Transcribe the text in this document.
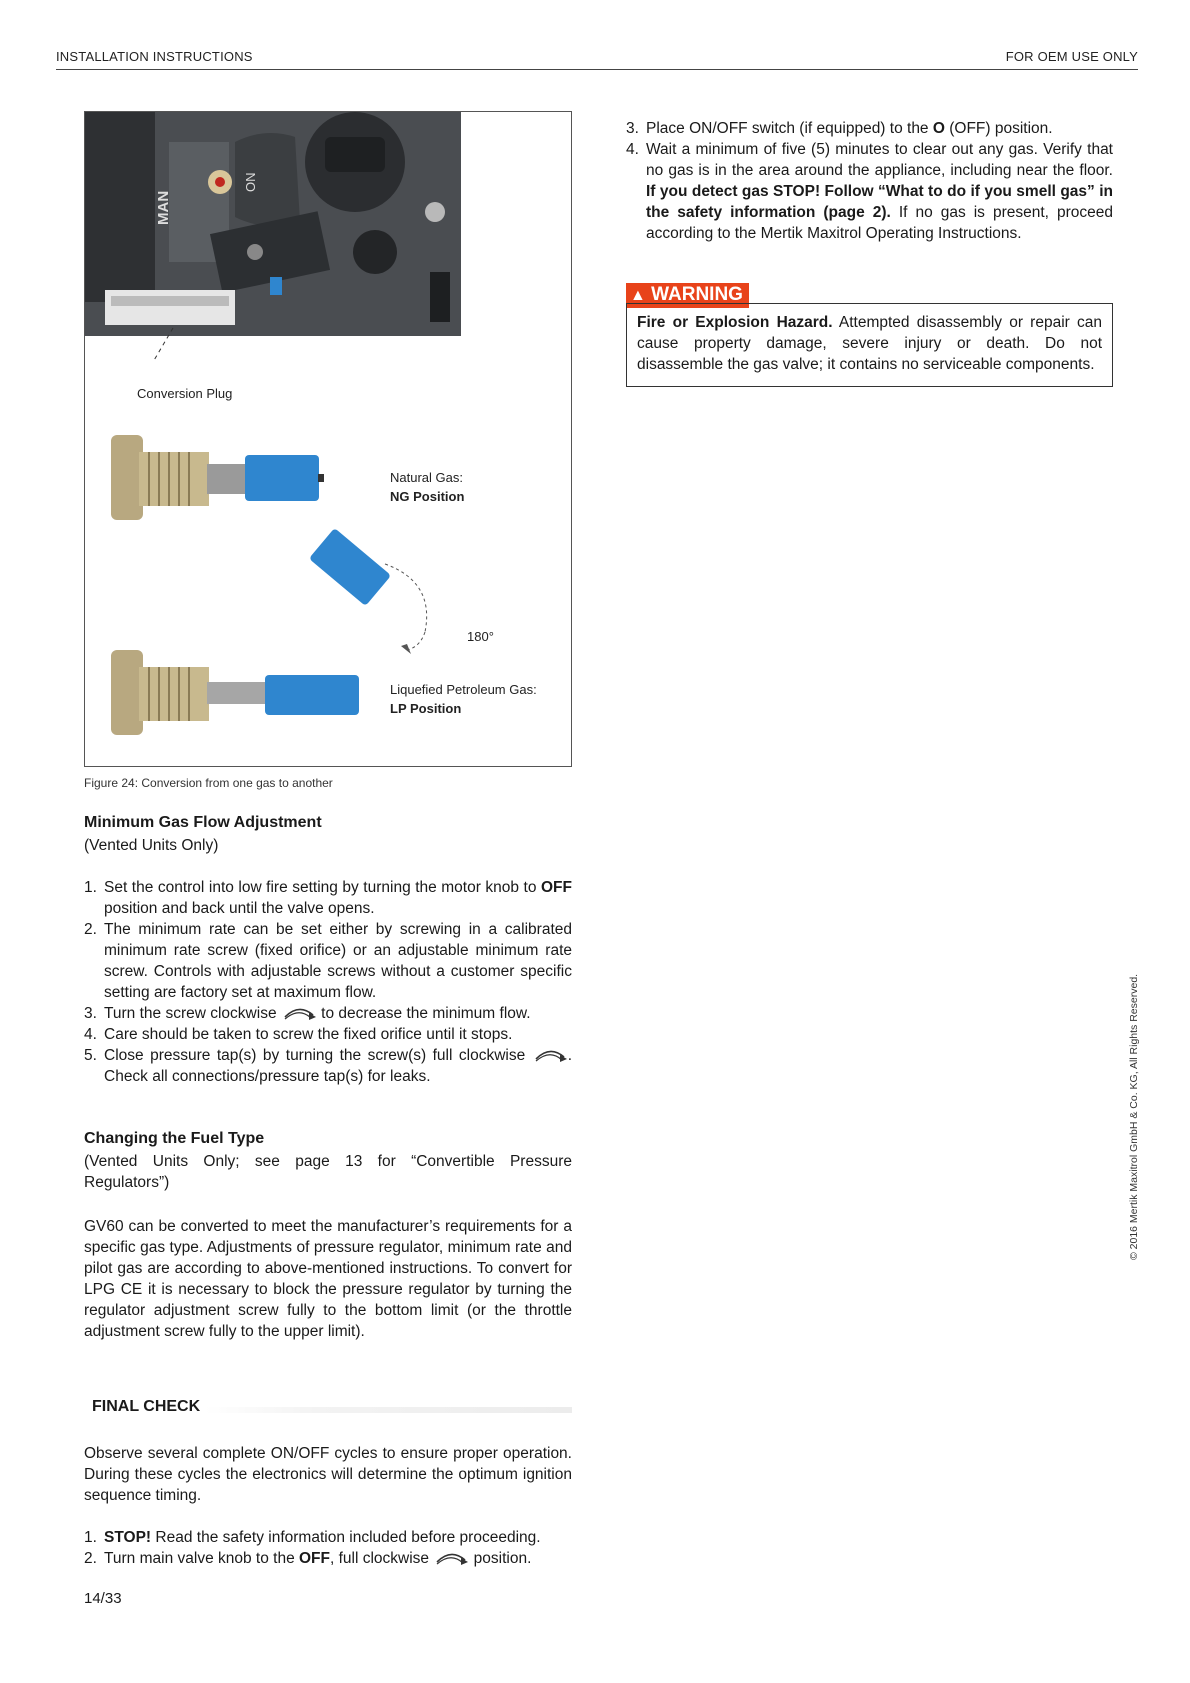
INSTALLATION INSTRUCTIONS	FOR OEM USE ONLY
MAN
ON
Conversion Plug
Natural Gas:
NG Position
180°
Liquefied Petroleum Gas:
LP Position
Figure 24: Conversion from one gas to another
Minimum Gas Flow Adjustment
(Vented Units Only)
1. Set the control into low fire setting by turning the motor knob to OFF position and back until the valve opens.
2. The minimum rate can be set either by screwing in a calibrated minimum rate screw (fixed orifice) or an adjustable minimum rate screw. Controls with adjustable screws without a customer specific setting are factory set at maximum flow.
3. Turn the screw clockwise  to decrease the minimum flow.
4. Care should be taken to screw the fixed orifice until it stops.
5. Close pressure tap(s) by turning the screw(s) full clockwise . Check all connections/pressure tap(s) for leaks.
Changing the Fuel Type
(Vented Units Only; see page 13 for “Convertible Pressure Regulators”)
GV60 can be converted to meet the manufacturer’s requirements for a specific gas type. Adjustments of pressure regulator, minimum rate and pilot gas are according to above-mentioned instructions. To convert for LPG CE it is necessary to block the pressure regulator by turning the regulator adjustment screw fully to the bottom limit (or the throttle adjustment screw fully to the upper limit).
FINAL CHECK
Observe several complete ON/OFF cycles to ensure proper operation. During these cycles the electronics will determine the optimum ignition sequence timing.
1. STOP! Read the safety information included before proceeding.
2. Turn main valve knob to the OFF, full clockwise  position.
14/33
3. Place ON/OFF switch (if equipped) to the O (OFF) position.
4. Wait a minimum of five (5) minutes to clear out any gas. Verify that no gas is in the area around the appliance, including near the floor. If you detect gas STOP! Follow “What to do if you smell gas” in the safety information (page 2). If no gas is present, proceed according to the Mertik Maxitrol Operating Instructions.
▲ WARNING
Fire or Explosion Hazard. Attempted disassembly or repair can cause property damage, severe injury or death. Do not disassemble the gas valve; it contains no serviceable components.
© 2016 Mertik Maxitrol GmbH & Co. KG, All Rights Reserved.
